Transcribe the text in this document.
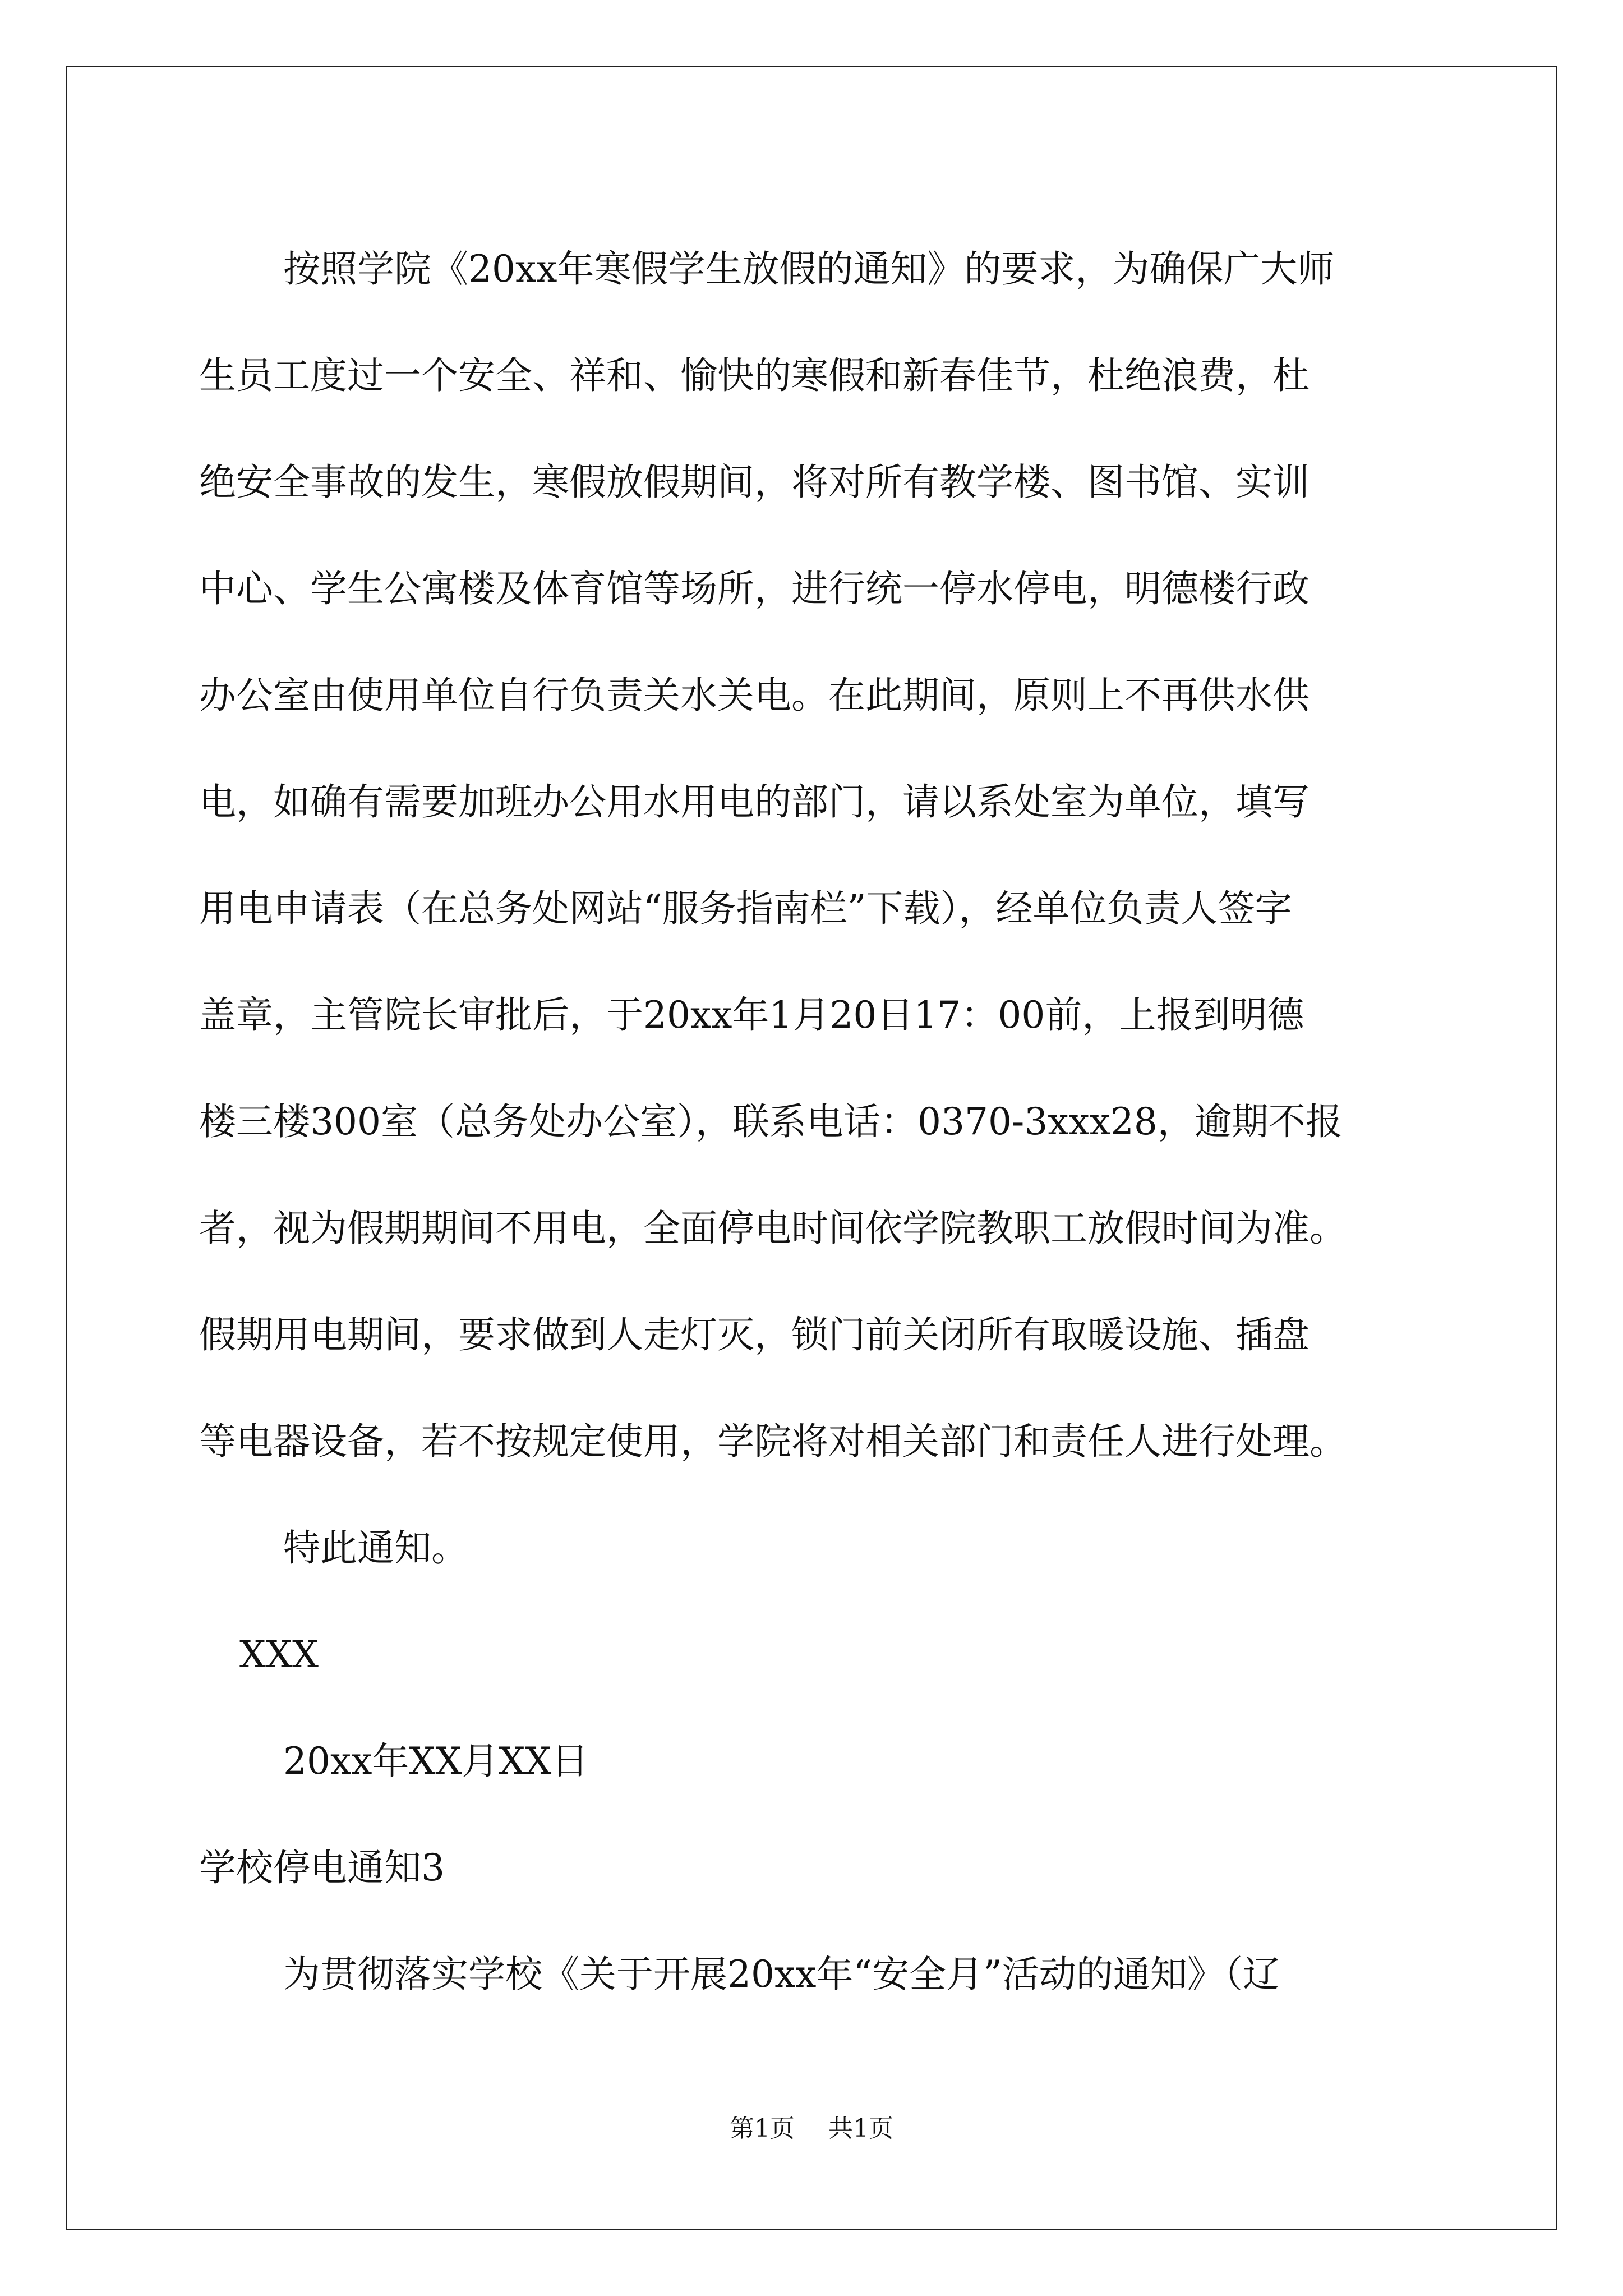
按照学院《20xx年寒假学生放假的通知》的要求，为确保广大师
生员工度过一个安全、祥和、愉快的寒假和新春佳节，杜绝浪费，杜
绝安全事故的发生，寒假放假期间，将对所有教学楼、图书馆、实训
中心、学生公寓楼及体育馆等场所，进行统一停水停电，明德楼行政
办公室由使用单位自行负责关水关电。在此期间，原则上不再供水供
电，如确有需要加班办公用水用电的部门，请以系处室为单位，填写
用电申请表（在总务处网站“服务指南栏”下载），经单位负责人签字
盖章，主管院长审批后，于20xx年1月20日17：00前，上报到明德
楼三楼300室（总务处办公室），联系电话：0370-3xxx28，逾期不报
者，视为假期期间不用电，全面停电时间依学院教职工放假时间为准。
假期用电期间，要求做到人走灯灭，锁门前关闭所有取暖设施、插盘
等电器设备，若不按规定使用，学院将对相关部门和责任人进行处理。
特此通知。
XXX
20xx年XX月XX日
学校停电通知3
为贯彻落实学校《关于开展20xx年“安全月”活动的通知》（辽
第1页 共1页
